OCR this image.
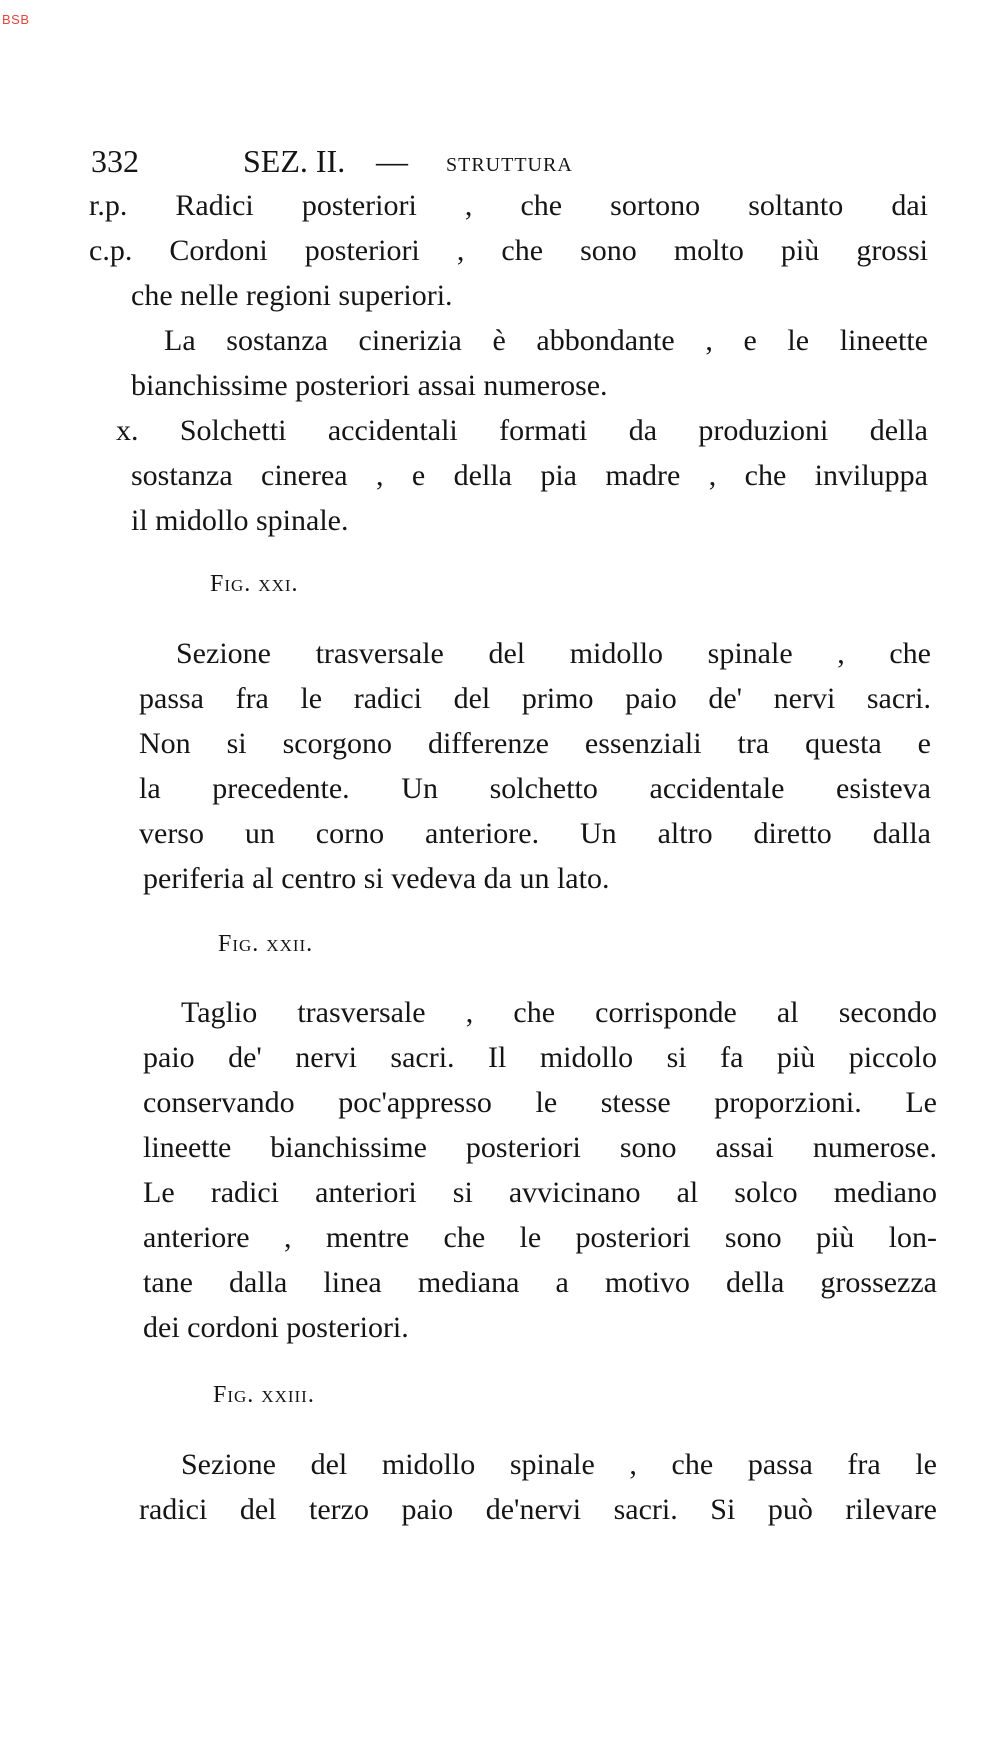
BSB
332	SEZ. II. — STRUTTURA
r.p. Radici posteriori , che sortono soltanto dai
c.p. Cordoni posteriori , che sono molto più grossi
che nelle regioni superiori.
La sostanza cinerizia è abbondante , e le lineette
bianchissime posteriori assai numerose.
x. Solchetti accidentali formati da produzioni della
sostanza cinerea , e della pia madre , che inviluppa
il midollo spinale.
Fig. xxi.
Sezione trasversale del midollo spinale , che
passa fra le radici del primo paio de' nervi sacri.
Non si scorgono differenze essenziali tra questa e
la precedente. Un solchetto accidentale esisteva
verso un corno anteriore. Un altro diretto dalla
periferia al centro si vedeva da un lato.
Fig. xxii.
Taglio trasversale , che corrisponde al secondo
paio de' nervi sacri. Il midollo si fa più piccolo
conservando poc'appresso le stesse proporzioni. Le
lineette bianchissime posteriori sono assai numerose.
Le radici anteriori si avvicinano al solco mediano
anteriore , mentre che le posteriori sono più lon-
tane dalla linea mediana a motivo della grossezza
dei cordoni posteriori.
Fig. xxiii.
Sezione del midollo spinale , che passa fra le
radici del terzo paio de'nervi sacri. Si può rilevare
